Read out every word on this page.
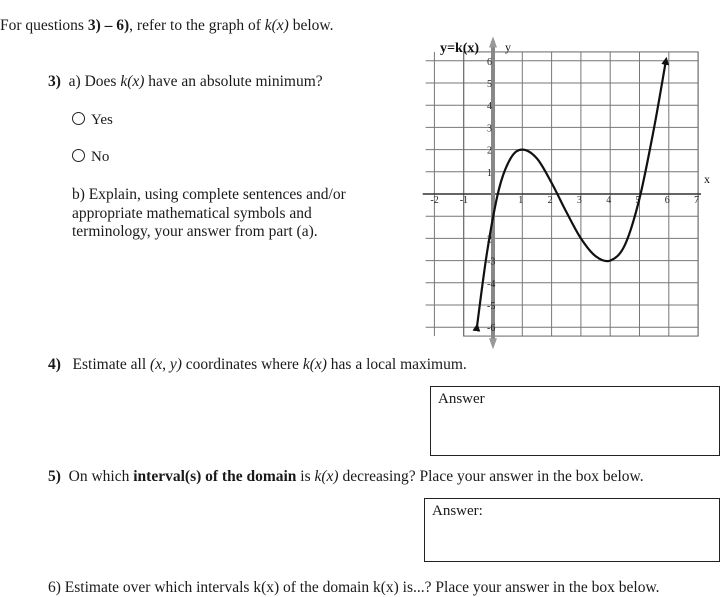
For questions 3) – 6), refer to the graph of k(x) below.
3) a) Does k(x) have an absolute minimum?
Yes
No
b) Explain, using complete sentences and/or
appropriate mathematical symbols and
terminology, your answer from part (a).
-2 -1	1 2 3 4 5 6 7
-6
-5
-4
-3
2
1
2
3
4
5
6
y=k(x) y
x
4) Estimate all (x, y) coordinates where k(x) has a local maximum.
Answer
5) On which interval(s) of the domain is k(x) decreasing? Place your answer in the box below.
Answer:
6) Estimate over which intervals k(x) of the domain k(x) is...? Place your answer in the box below.
